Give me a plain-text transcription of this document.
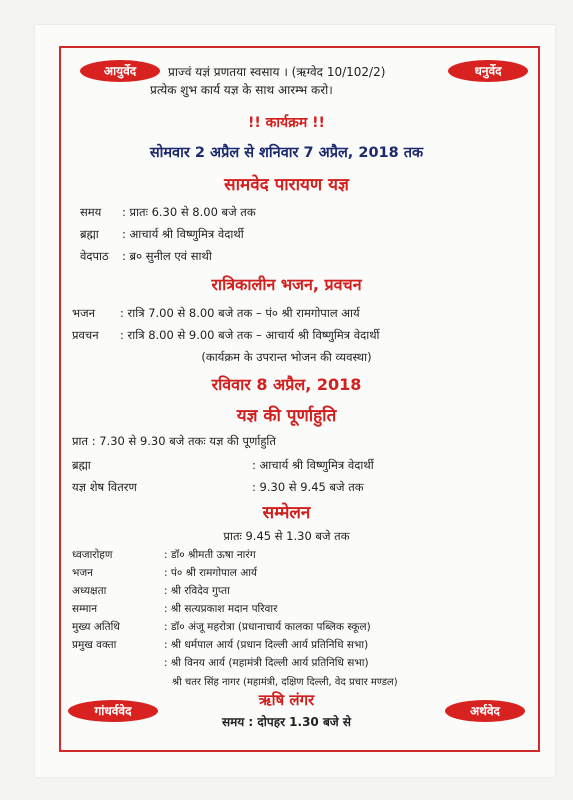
आयुर्वेद	धनुर्वेद
गांधर्ववेद	अर्थवेद
प्राज्वं यज्ञं प्रणतया स्वसाय । (ऋग्वेद 10/102/2)
प्रत्येक शुभ कार्य यज्ञ के साथ आरम्भ करो।
!! कार्यक्रम !!
सोमवार 2 अप्रैल से शनिवार 7 अप्रैल, 2018 तक
सामवेद पारायण यज्ञ
समय : प्रातः 6.30 से 8.00 बजे तक
ब्रह्मा : आचार्य श्री विष्णुमित्र वेदार्थी
वेदपाठ : ब्र० सुनील एवं साथी
रात्रिकालीन भजन, प्रवचन
भजन : रात्रि 7.00 से 8.00 बजे तक – पं० श्री रामगोपाल आर्य
प्रवचन : रात्रि 8.00 से 9.00 बजे तक – आचार्य श्री विष्णुमित्र वेदार्थी
(कार्यक्रम के उपरान्त भोजन की व्यवस्था)
रविवार 8 अप्रैल, 2018
यज्ञ की पूर्णाहुति
प्रात : 7.30 से 9.30 बजे तकः यज्ञ की पूर्णाहुति
ब्रह्मा	: आचार्य श्री विष्णुमित्र वेदार्थी
यज्ञ शेष वितरण	: 9.30 से 9.45 बजे तक
सम्मेलन
प्रातः 9.45 से 1.30 बजे तक
ध्वजारोहण	: डॉ० श्रीमती ऊषा नारंग
भजन	: पं० श्री रामगोपाल आर्य
अध्यक्षता	: श्री रविदेव गुप्ता
सम्मान	: श्री सत्यप्रकाश मदान परिवार
मुख्य अतिथि	: डॉ० अंजू महरोत्रा (प्रधानाचार्य कालका पब्लिक स्कूल)
प्रमुख वक्ता	: श्री धर्मपाल आर्य (प्रधान दिल्ली आर्य प्रतिनिधि सभा)
: श्री विनय आर्य (महामंत्री दिल्ली आर्य प्रतिनिधि सभा)
श्री चतर सिंह नागर (महामंत्री, दक्षिण दिल्ली, वेद प्रचार मण्डल)
ऋषि लंगर
समय : दोपहर 1.30 बजे से
